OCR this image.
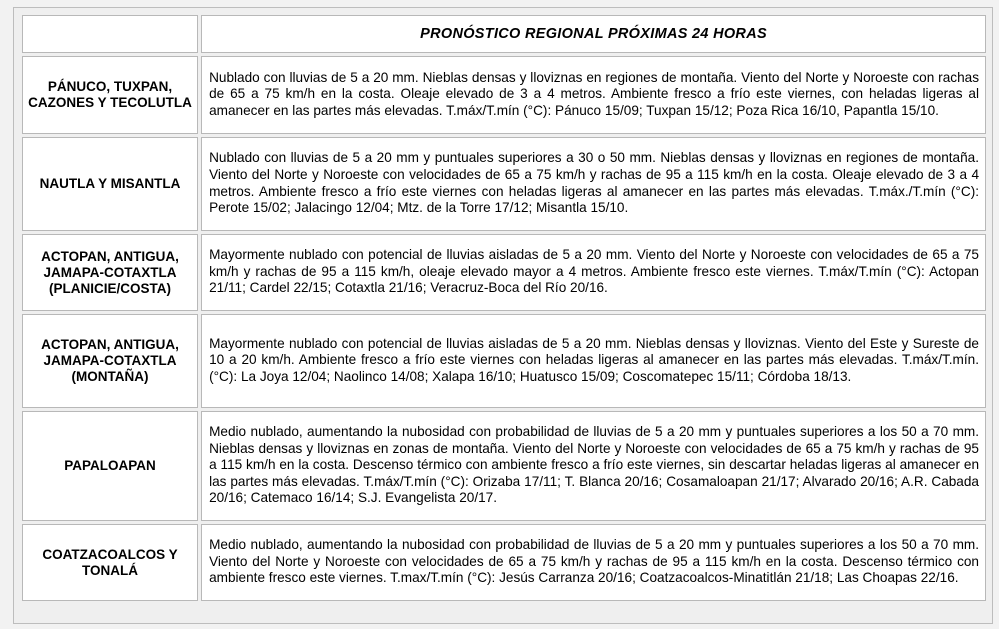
	PRONÓSTICO REGIONAL PRÓXIMAS 24 HORAS
PÁNUCO, TUXPAN, CAZONES Y TECOLUTLA	Nublado con lluvias de 5 a 20 mm. Nieblas densas y lloviznas en regiones de montaña. Viento del Norte y Noroeste con rachas de 65 a 75 km/h en la costa. Oleaje elevado de 3 a 4 metros. Ambiente fresco a frío este viernes, con heladas ligeras al amanecer en las partes más elevadas. T.máx/T.mín (°C): Pánuco 15/09; Tuxpan 15/12; Poza Rica 16/10, Papantla 15/10.
NAUTLA Y MISANTLA	Nublado con lluvias de 5 a 20 mm y puntuales superiores a 30 o 50 mm. Nieblas densas y lloviznas en regiones de montaña. Viento del Norte y Noroeste con velocidades de 65 a 75 km/h y rachas de 95 a 115 km/h en la costa. Oleaje elevado de 3 a 4 metros. Ambiente fresco a frío este viernes con heladas ligeras al amanecer en las partes más elevadas. T.máx./T.mín (°C): Perote 15/02; Jalacingo 12/04; Mtz. de la Torre 17/12; Misantla 15/10.
ACTOPAN, ANTIGUA, JAMAPA-COTAXTLA (PLANICIE/COSTA)	Mayormente nublado con potencial de lluvias aisladas de 5 a 20 mm. Viento del Norte y Noroeste con velocidades de 65 a 75 km/h y rachas de 95 a 115 km/h, oleaje elevado mayor a 4 metros. Ambiente fresco este viernes. T.máx/T.mín (°C): Actopan 21/11; Cardel 22/15; Cotaxtla 21/16; Veracruz-Boca del Río 20/16.
ACTOPAN, ANTIGUA, JAMAPA-COTAXTLA (MONTAÑA)	Mayormente nublado con potencial de lluvias aisladas de 5 a 20 mm. Nieblas densas y lloviznas. Viento del Este y Sureste de 10 a 20 km/h. Ambiente fresco a frío este viernes con heladas ligeras al amanecer en las partes más elevadas. T.máx/T.mín. (°C): La Joya 12/04; Naolinco 14/08; Xalapa 16/10; Huatusco 15/09; Coscomatepec 15/11; Córdoba 18/13.
PAPALOAPAN	Medio nublado, aumentando la nubosidad con probabilidad de lluvias de 5 a 20 mm y puntuales superiores a los 50 a 70 mm. Nieblas densas y lloviznas en zonas de montaña. Viento del Norte y Noroeste con velocidades de 65 a 75 km/h y rachas de 95 a 115 km/h en la costa. Descenso térmico con ambiente fresco a frío este viernes, sin descartar heladas ligeras al amanecer en las partes más elevadas. T.máx/T.mín (°C): Orizaba 17/11; T. Blanca 20/16; Cosamaloapan 21/17; Alvarado 20/16; A.R. Cabada 20/16; Catemaco 16/14; S.J. Evangelista 20/17.
COATZACOALCOS Y TONALÁ	Medio nublado, aumentando la nubosidad con probabilidad de lluvias de 5 a 20 mm y puntuales superiores a los 50 a 70 mm. Viento del Norte y Noroeste con velocidades de 65 a 75 km/h y rachas de 95 a 115 km/h en la costa. Descenso térmico con ambiente fresco este viernes. T.max/T.mín (°C): Jesús Carranza 20/16; Coatzacoalcos-Minatitlán 21/18; Las Choapas 22/16.
